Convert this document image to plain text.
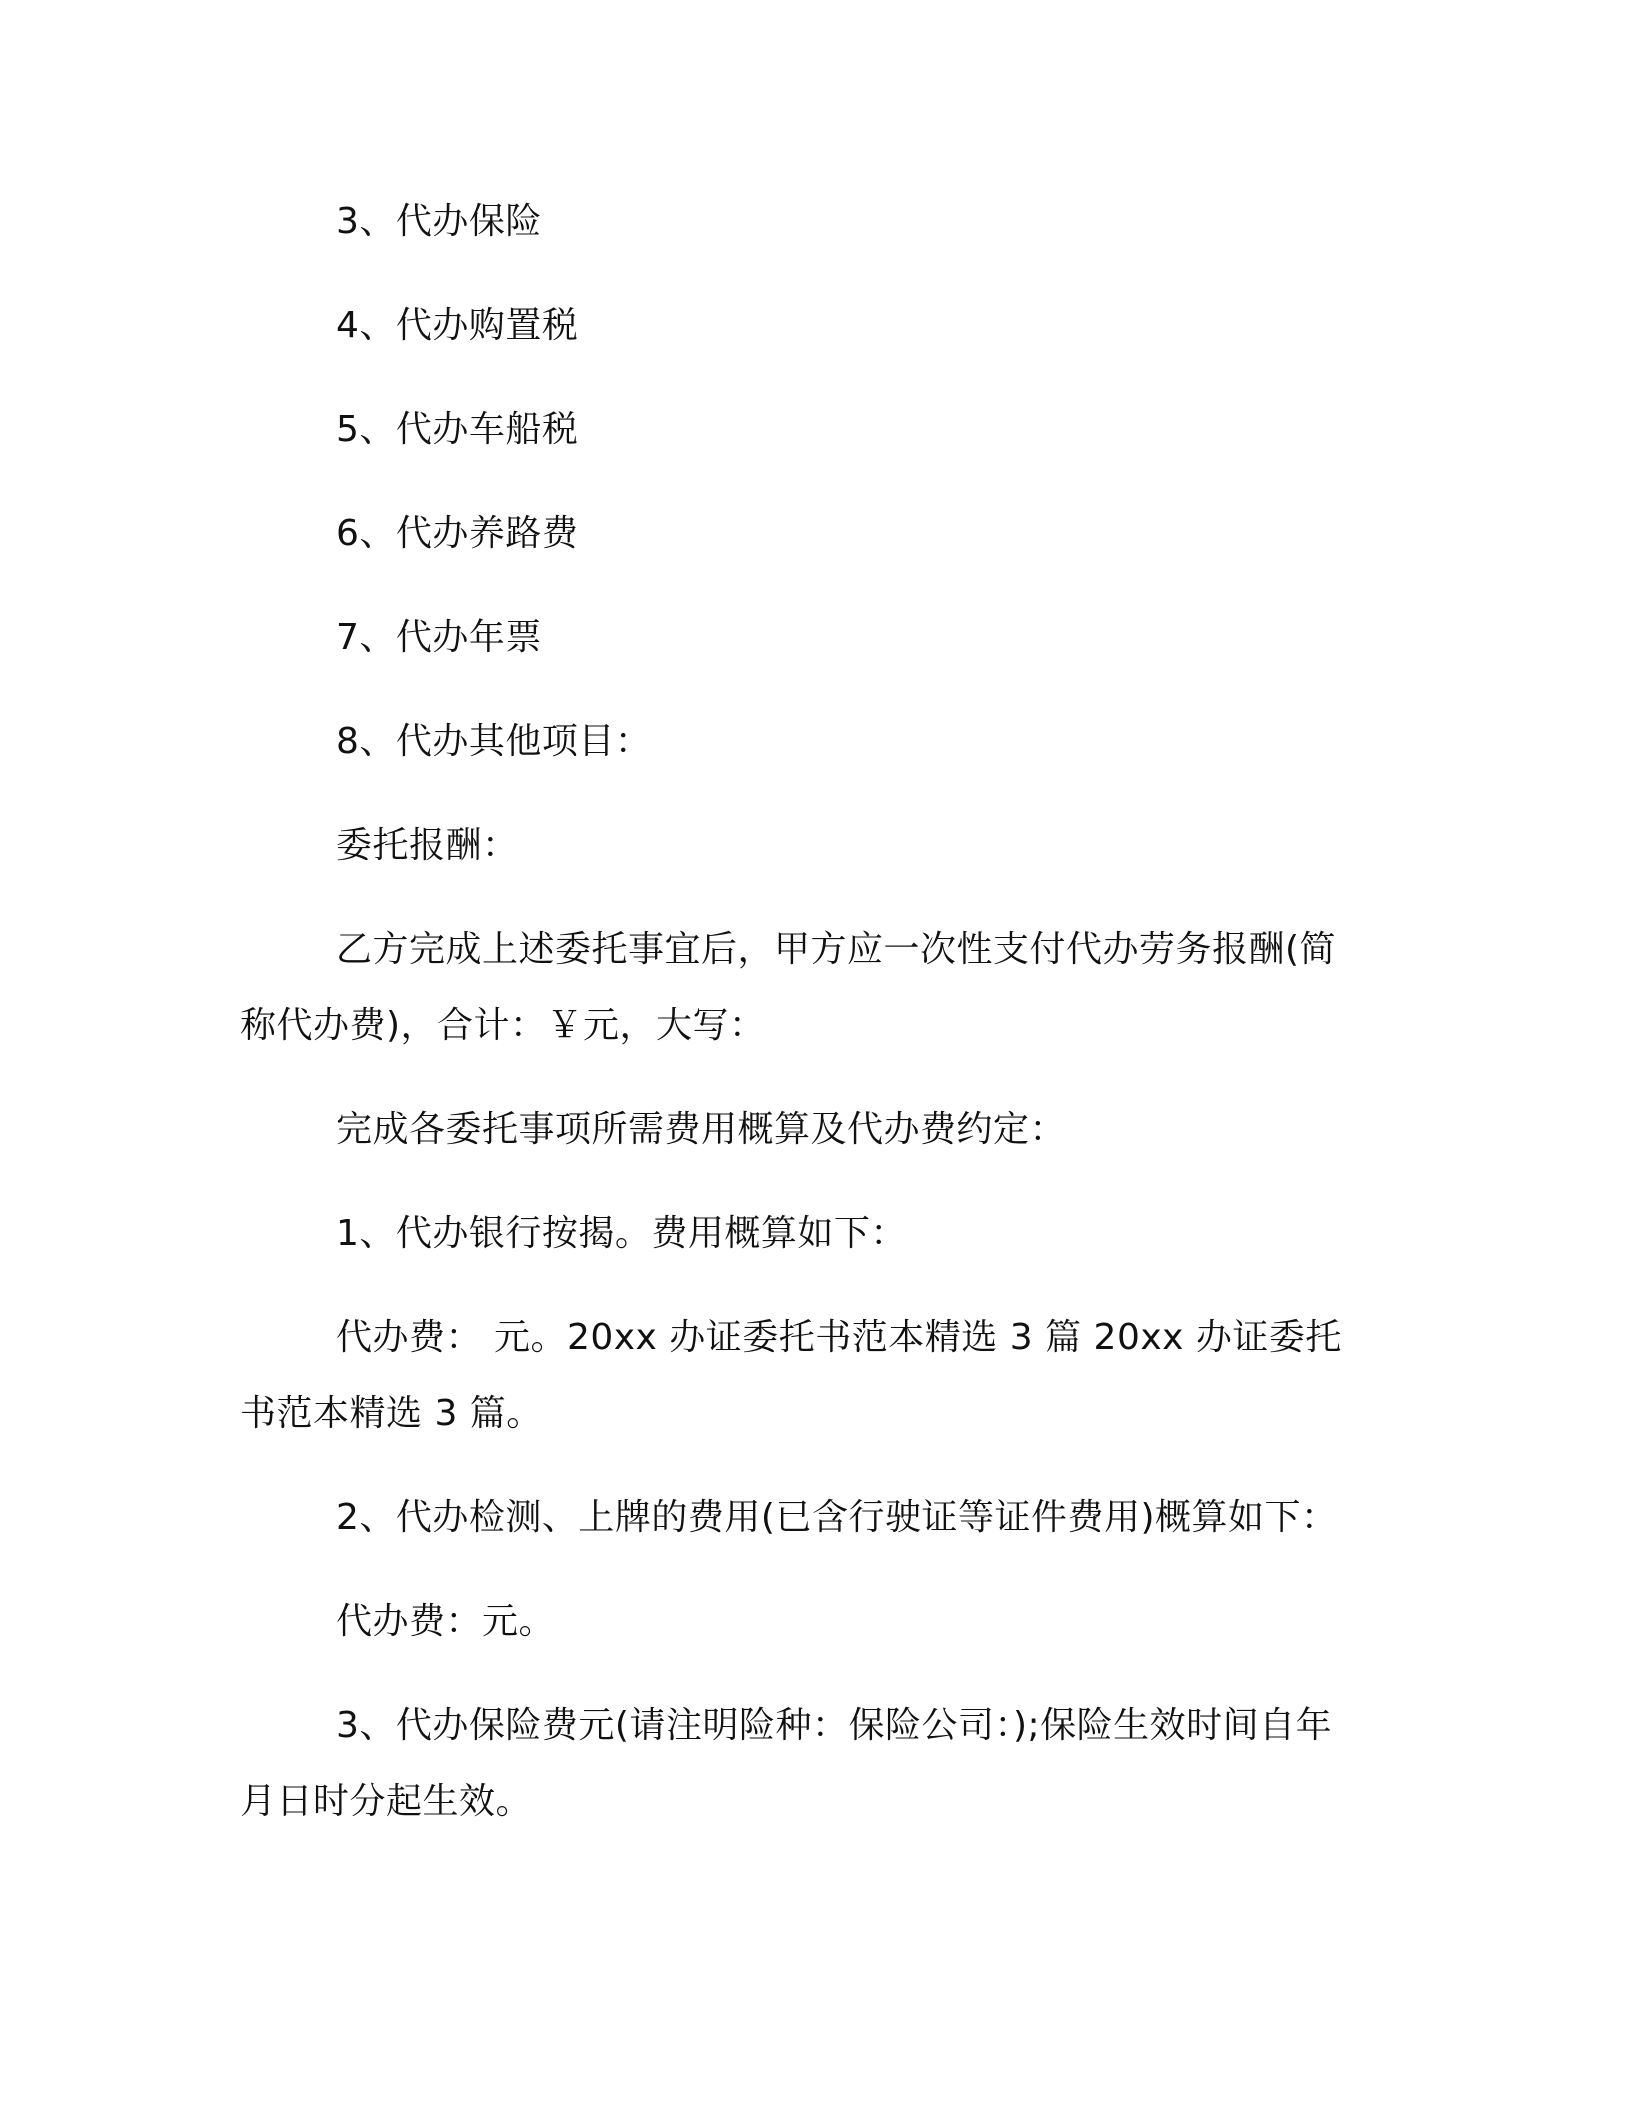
3、代办保险

4、代办购置税

5、代办车船税

6、代办养路费

7、代办年票

8、代办其他项目：

委托报酬：

乙方完成上述委托事宜后，甲方应一次性支付代办劳务报酬(简称代办费)，合计：￥元，大写：

完成各委托事项所需费用概算及代办费约定：

1、代办银行按揭。费用概算如下：

代办费： 元。20xx 办证委托书范本精选 3 篇 20xx 办证委托书范本精选 3 篇。

2、代办检测、上牌的费用(已含行驶证等证件费用)概算如下：

代办费：元。

3、代办保险费元(请注明险种：保险公司：);保险生效时间自年月日时分起生效。
